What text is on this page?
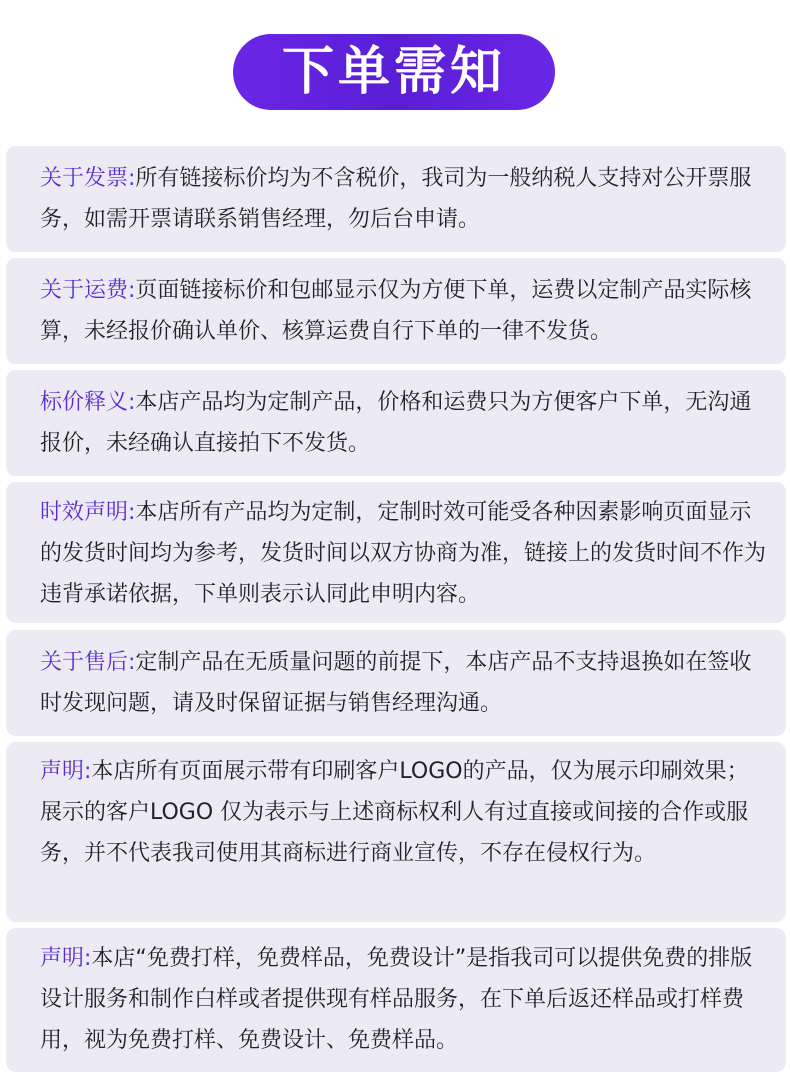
下单需知

关于发票:所有链接标价均为不含税价，我司为一般纳税人支持对公开票服务，如需开票请联系销售经理，勿后台申请。

关于运费:页面链接标价和包邮显示仅为方便下单，运费以定制产品实际核算，未经报价确认单价、核算运费自行下单的一律不发货。

标价释义:本店产品均为定制产品，价格和运费只为方便客户下单，无沟通报价，未经确认直接拍下不发货。

时效声明:本店所有产品均为定制，定制时效可能受各种因素影响页面显示的发货时间均为参考，发货时间以双方协商为准，链接上的发货时间不作为违背承诺依据，下单则表示认同此申明内容。

关于售后:定制产品在无质量问题的前提下，本店产品不支持退换如在签收时发现问题，请及时保留证据与销售经理沟通。

声明:本店所有页面展示带有印刷客户LOGO的产品，仅为展示印刷效果；展示的客户LOGO 仅为表示与上述商标权利人有过直接或间接的合作或服务，并不代表我司使用其商标进行商业宣传，不存在侵权行为。

声明:本店“免费打样，免费样品，免费设计”是指我司可以提供免费的排版设计服务和制作白样或者提供现有样品服务，在下单后返还样品或打样费用，视为免费打样、免费设计、免费样品。
